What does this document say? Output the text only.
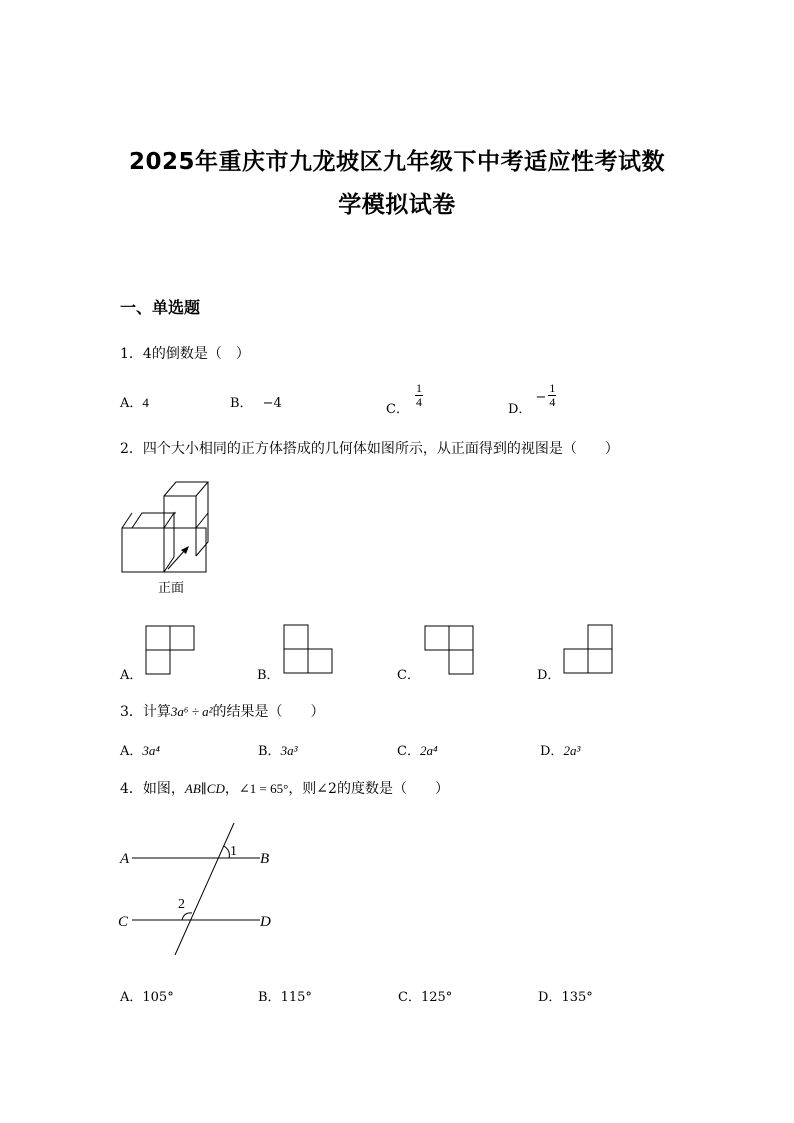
2025年重庆市九龙坡区九年级下中考适应性考试数
学模拟试卷
一、单选题
1．4的倒数是（　）
A．4	B． −4	C．
$\frac{1}{4}$
D．− $\frac{1}{4}$
2．四个大小相同的正方体搭成的几何体如图所示，从正面得到的视图是（　　）
正面
A．	B．	C．	D．
3．计算3a⁶ ÷ a²的结果是（　　）
A．3a⁴	B．3a³	C．2a⁴	D．2a³
4．如图，AB∥CD，∠1 = 65°，则∠2的度数是（　　）
A	B
C	D
1
2
A．105°	B．115°	C．125°	D．135°
